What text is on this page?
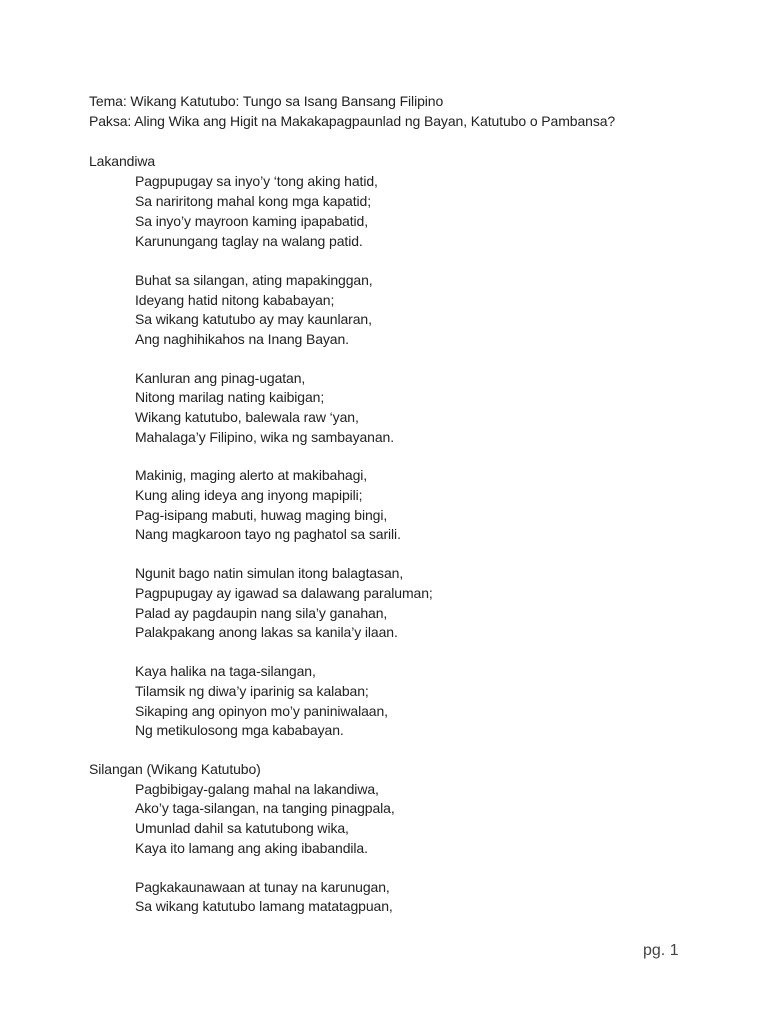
Tema: Wikang Katutubo: Tungo sa Isang Bansang Filipino
Paksa: Aling Wika ang Higit na Makakapagpaunlad ng Bayan, Katutubo o Pambansa?
Lakandiwa
Pagpupugay sa inyo’y ‘tong aking hatid,
Sa nariritong mahal kong mga kapatid;
Sa inyo’y mayroon kaming ipapabatid,
Karunungang taglay na walang patid.
Buhat sa silangan, ating mapakinggan,
Ideyang hatid nitong kababayan;
Sa wikang katutubo ay may kaunlaran,
Ang naghihikahos na Inang Bayan.
Kanluran ang pinag-ugatan,
Nitong marilag nating kaibigan;
Wikang katutubo, balewala raw ‘yan,
Mahalaga’y Filipino, wika ng sambayanan.
Makinig, maging alerto at makibahagi,
Kung aling ideya ang inyong mapipili;
Pag-isipang mabuti, huwag maging bingi,
Nang magkaroon tayo ng paghatol sa sarili.
Ngunit bago natin simulan itong balagtasan,
Pagpupugay ay igawad sa dalawang paraluman;
Palad ay pagdaupin nang sila’y ganahan,
Palakpakang anong lakas sa kanila’y ilaan.
Kaya halika na taga-silangan,
Tilamsik ng diwa’y iparinig sa kalaban;
Sikaping ang opinyon mo’y paniniwalaan,
Ng metikulosong mga kababayan.
Silangan (Wikang Katutubo)
Pagbibigay-galang mahal na lakandiwa,
Ako’y taga-silangan, na tanging pinagpala,
Umunlad dahil sa katutubong wika,
Kaya ito lamang ang aking ibabandila.
Pagkakaunawaan at tunay na karunugan,
Sa wikang katutubo lamang matatagpuan,
pg. 1
